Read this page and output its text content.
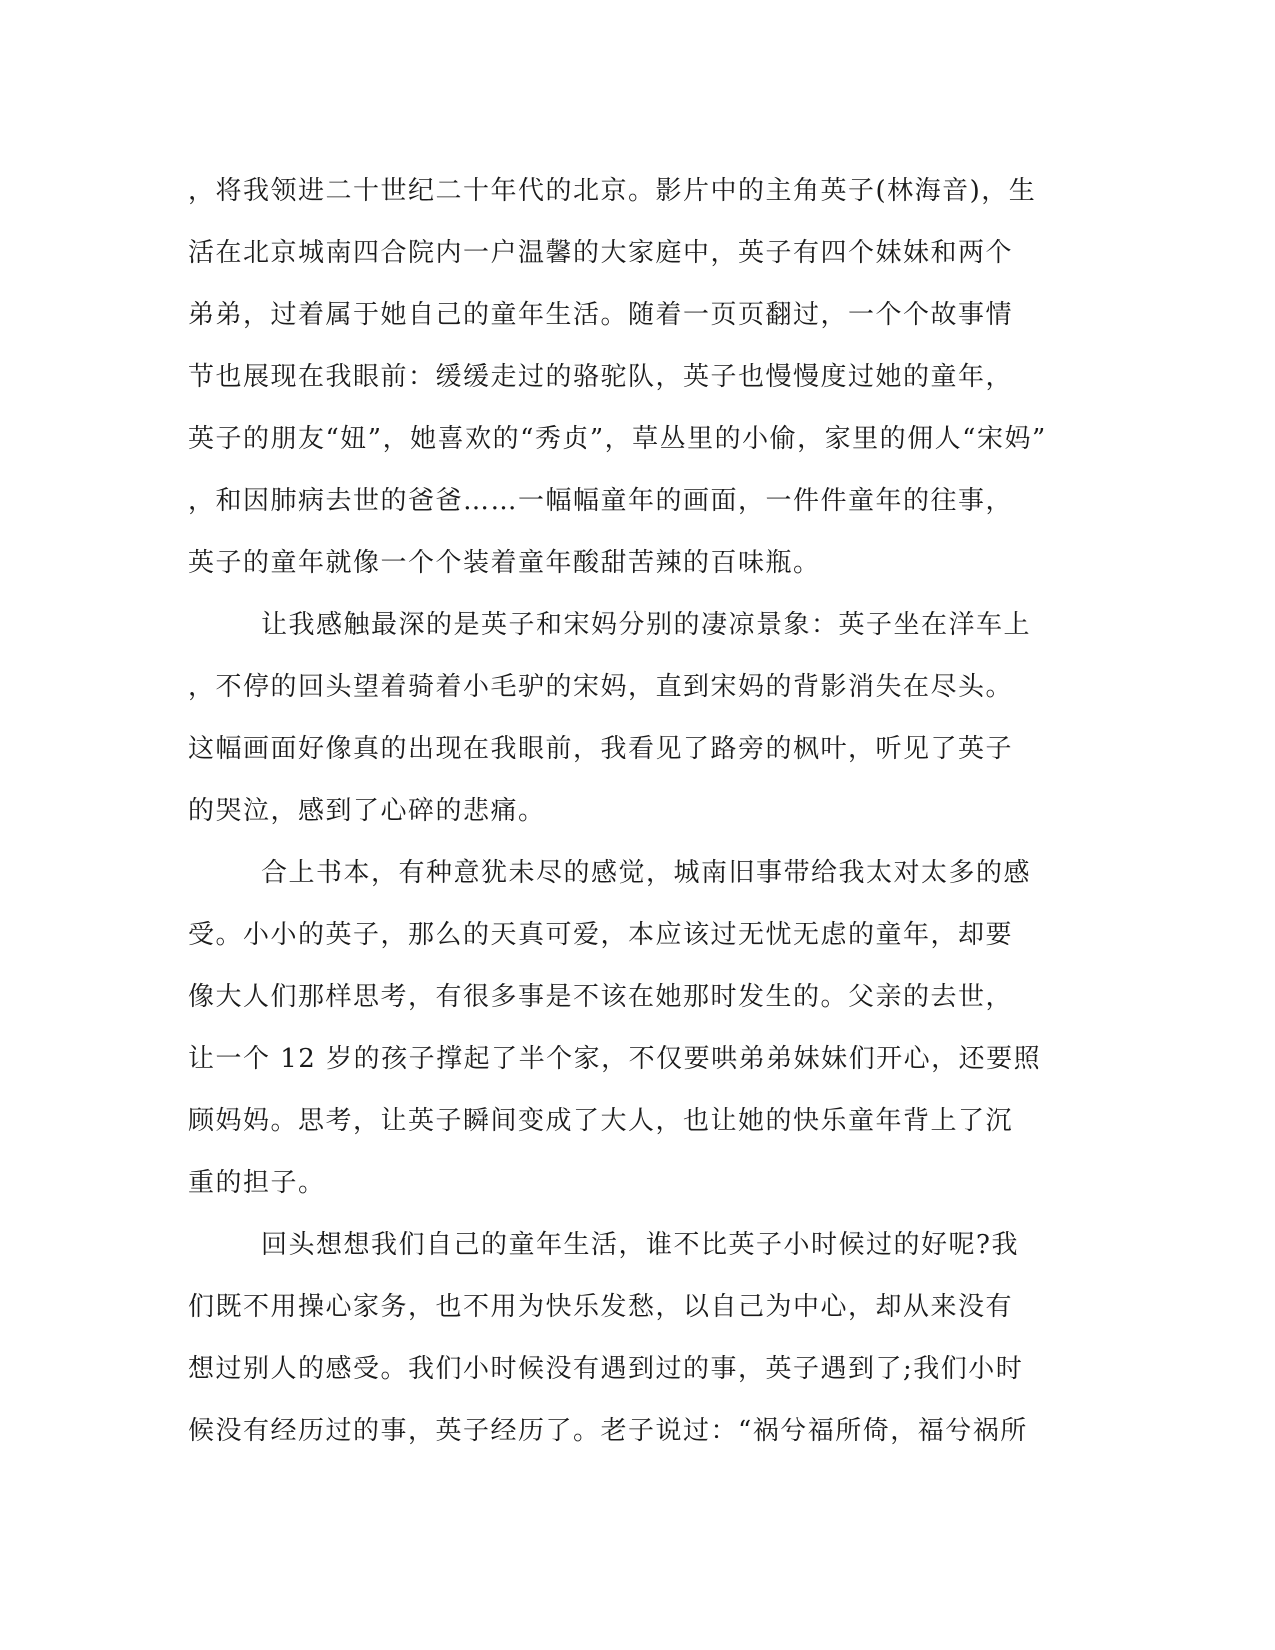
，将我领进二十世纪二十年代的北京。影片中的主角英子(林海音)，生
活在北京城南四合院内一户温馨的大家庭中，英子有四个妹妹和两个
弟弟，过着属于她自己的童年生活。随着一页页翻过，一个个故事情
节也展现在我眼前：缓缓走过的骆驼队，英子也慢慢度过她的童年，
英子的朋友“妞”，她喜欢的“秀贞”，草丛里的小偷，家里的佣人“宋妈”
，和因肺病去世的爸爸……一幅幅童年的画面，一件件童年的往事，
英子的童年就像一个个装着童年酸甜苦辣的百味瓶。
让我感触最深的是英子和宋妈分别的凄凉景象：英子坐在洋车上
，不停的回头望着骑着小毛驴的宋妈，直到宋妈的背影消失在尽头。
这幅画面好像真的出现在我眼前，我看见了路旁的枫叶，听见了英子
的哭泣，感到了心碎的悲痛。
合上书本，有种意犹未尽的感觉，城南旧事带给我太对太多的感
受。小小的英子，那么的天真可爱，本应该过无忧无虑的童年，却要
像大人们那样思考，有很多事是不该在她那时发生的。父亲的去世，
让一个 12 岁的孩子撑起了半个家，不仅要哄弟弟妹妹们开心，还要照
顾妈妈。思考，让英子瞬间变成了大人，也让她的快乐童年背上了沉
重的担子。
回头想想我们自己的童年生活，谁不比英子小时候过的好呢?我
们既不用操心家务，也不用为快乐发愁，以自己为中心，却从来没有
想过别人的感受。我们小时候没有遇到过的事，英子遇到了;我们小时
候没有经历过的事，英子经历了。老子说过：“祸兮福所倚，福兮祸所
